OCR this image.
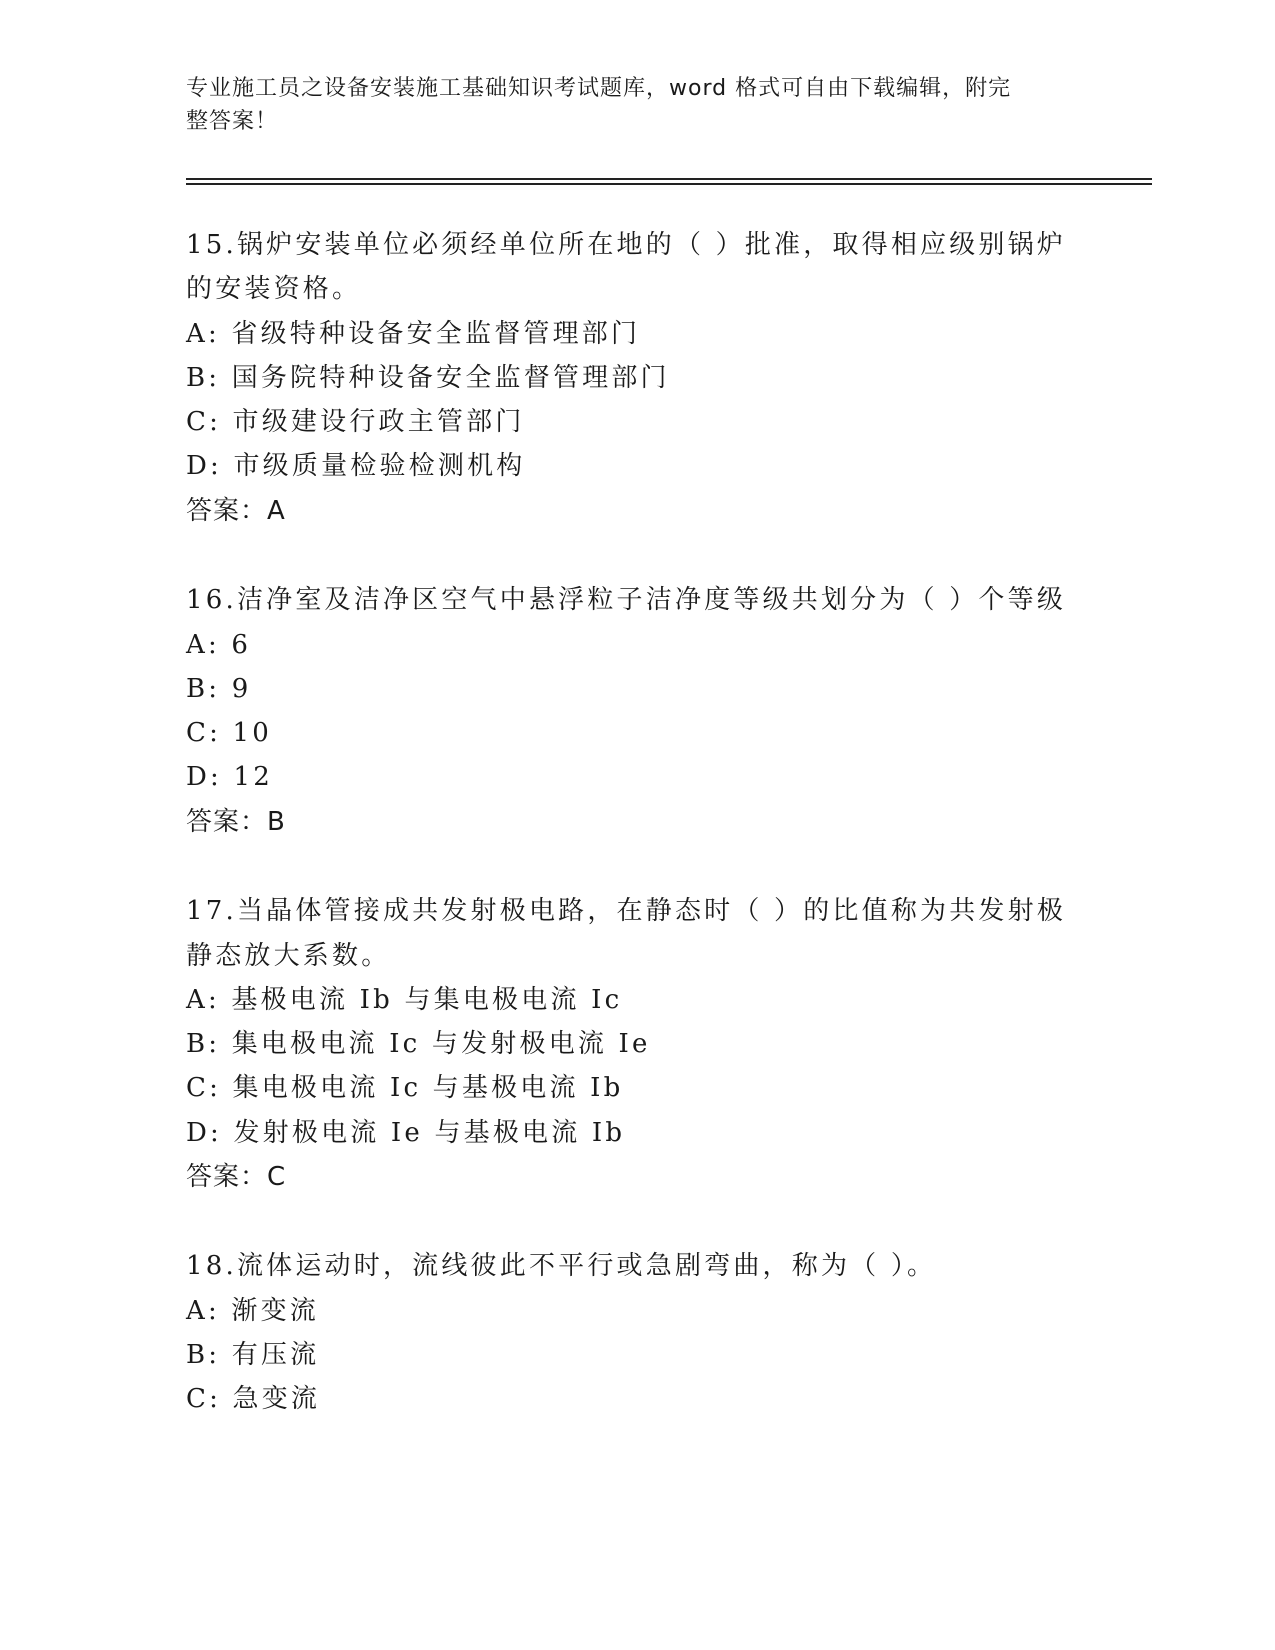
专业施工员之设备安装施工基础知识考试题库，word 格式可自由下载编辑，附完
整答案！
15.锅炉安装单位必须经单位所在地的（ ）批准，取得相应级别锅炉
的安装资格。
A: 省级特种设备安全监督管理部门
B: 国务院特种设备安全监督管理部门
C: 市级建设行政主管部门
D: 市级质量检验检测机构
答案：A
16.洁净室及洁净区空气中悬浮粒子洁净度等级共划分为（ ）个等级
A: 6
B: 9
C: 10
D: 12
答案：B
17.当晶体管接成共发射极电路，在静态时（ ）的比值称为共发射极
静态放大系数。
A: 基极电流 Ib 与集电极电流 Ic
B: 集电极电流 Ic 与发射极电流 Ie
C: 集电极电流 Ic 与基极电流 Ib
D: 发射极电流 Ie 与基极电流 Ib
答案：C
18.流体运动时，流线彼此不平行或急剧弯曲，称为（ ）。
A: 渐变流
B: 有压流
C: 急变流
